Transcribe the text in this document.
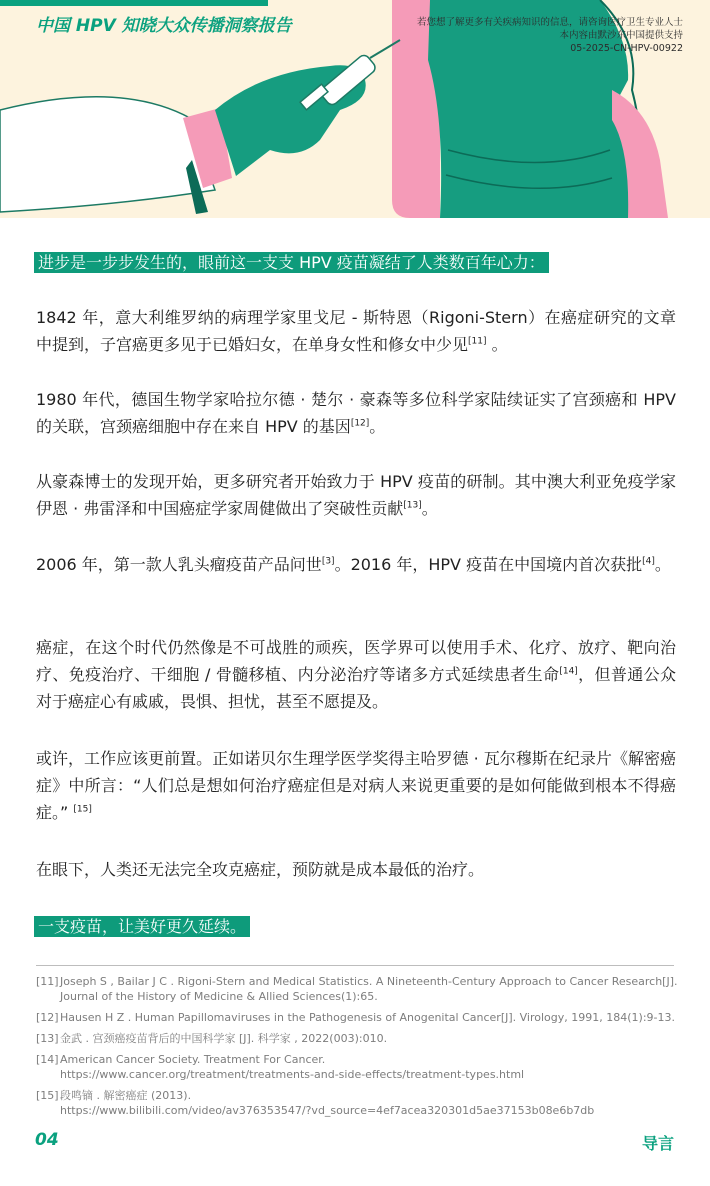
中国 HPV 知晓大众传播洞察报告	若您想了解更多有关疾病知识的信息，请咨询医疗卫生专业人士
本内容由默沙东中国提供支持
05-2025-CN-HPV-00922
进步是一步步发生的，眼前这一支支 HPV 疫苗凝结了人类数百年心力：

1842 年，意大利维罗纳的病理学家里戈尼 - 斯特恩（Rigoni-Stern）在癌症研究的文章中提到，子宫癌更多见于已婚妇女，在单身女性和修女中少见[11] 。

1980 年代，德国生物学家哈拉尔德 · 楚尔 · 豪森等多位科学家陆续证实了宫颈癌和 HPV 的关联，宫颈癌细胞中存在来自 HPV 的基因[12]。

从豪森博士的发现开始，更多研究者开始致力于 HPV 疫苗的研制。其中澳大利亚免疫学家伊恩 · 弗雷泽和中国癌症学家周健做出了突破性贡献[13]。

2006 年，第一款人乳头瘤疫苗产品问世[3]。2016 年，HPV 疫苗在中国境内首次获批[4]。

癌症，在这个时代仍然像是不可战胜的顽疾，医学界可以使用手术、化疗、放疗、靶向治疗、免疫治疗、干细胞 / 骨髓移植、内分泌治疗等诸多方式延续患者生命[14]，但普通公众对于癌症心有戚戚，畏惧、担忧，甚至不愿提及。

或许，工作应该更前置。正如诺贝尔生理学医学奖得主哈罗德 · 瓦尔穆斯在纪录片《解密癌症》中所言：“人们总是想如何治疗癌症但是对病人来说更重要的是如何能做到根本不得癌症。” [15]

在眼下，人类还无法完全攻克癌症，预防就是成本最低的治疗。

一支疫苗，让美好更久延续。
[11] Joseph S , Bailar J C . Rigoni-Stern and Medical Statistics. A Nineteenth-Century Approach to Cancer Research[J]. Journal of the History of Medicine & Allied Sciences(1):65.
[12] Hausen H Z . Human Papillomaviruses in the Pathogenesis of Anogenital Cancer[J]. Virology, 1991, 184(1):9-13.
[13] 金武 . 宫颈癌疫苗背后的中国科学家 [J]. 科学家 , 2022(003):010.
[14] American Cancer Society. Treatment For Cancer.
https://www.cancer.org/treatment/treatments-and-side-effects/treatment-types.html
[15] 段鸣镝 . 解密癌症 (2013).
https://www.bilibili.com/video/av376353547/?vd_source=4ef7acea320301d5ae37153b08e6b7db
04	导言
